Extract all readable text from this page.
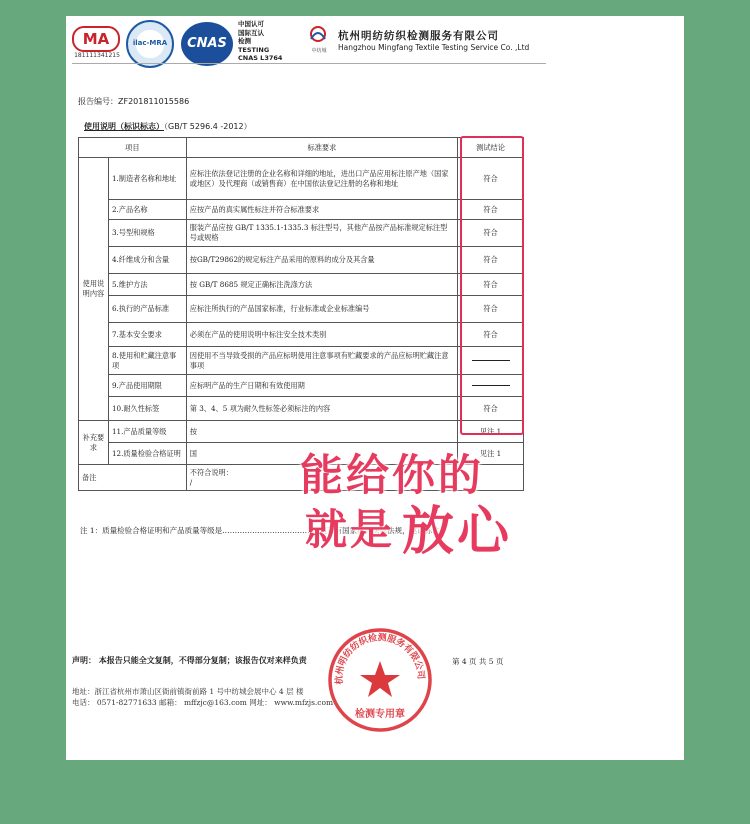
MA
181111341215
ilac-MRA	CNAS
中国认可
国际互认
检测
TESTING
CNAS L3764
中纺城
杭州明纺纺织检测服务有限公司
Hangzhou Mingfang Textile Testing Service Co. ,Ltd
报告编号：ZF201811015586
使用说明（标识标志）（GB/T 5296.4 -2012）
项目		标准要求	测试结论
使用说明内容	1.制造者名称和地址	应标注依法登记注册的企业名称和详细的地址，进出口产品应用标注原产地（国家或地区）及代理商（或销售商）在中国依法登记注册的名称和地址	符合
	2.产品名称	应按产品的真实属性标注并符合标准要求	符合
	3.号型和规格	服装产品应按 GB/T 1335.1-1335.3 标注型号，其他产品按产品标准规定标注型号或规格	符合
	4.纤维成分和含量	按GB/T29862的规定标注产品采用的原料的成分及其含量	符合
	5.维护方法	按 GB/T 8685 规定正确标注洗涤方法	符合
	6.执行的产品标准	应标注所执行的产品国家标准，行业标准或企业标准编号	符合
	7.基本安全要求	必须在产品的使用说明中标注安全技术类别	符合
	8.使用和贮藏注意事项	因使用不当导致受损的产品应标明使用注意事项有贮藏要求的产品应标明贮藏注意事项	
	9.产品使用期限	应标明产品的生产日期和有效使用期	
	10.耐久性标签	第 3、4、5 项为耐久性标签必须标注的内容	符合
补充要求	11.产品质量等级	按	见注 1
	12.质量检验合格证明	国	见注 1
备注		不符合说明：
/	
注 1：质量检验合格证明和产品质量等级是…………………………………但若有国家相关法律法规，建议标注。
能给你的
就是 放心
声明： 本报告只能全文复制，不得部分复制；该报告仅对来样负责	第 4 页 共 5 页
地址：浙江省杭州市萧山区衙前镇衙前路 1 号中纺城会展中心 4 层 楼
电话： 0571-82771633 邮箱： mffzjc@163.com 网址： www.mfzjs.com
杭州明纺纺织检测服务有限公司
检测专用章
